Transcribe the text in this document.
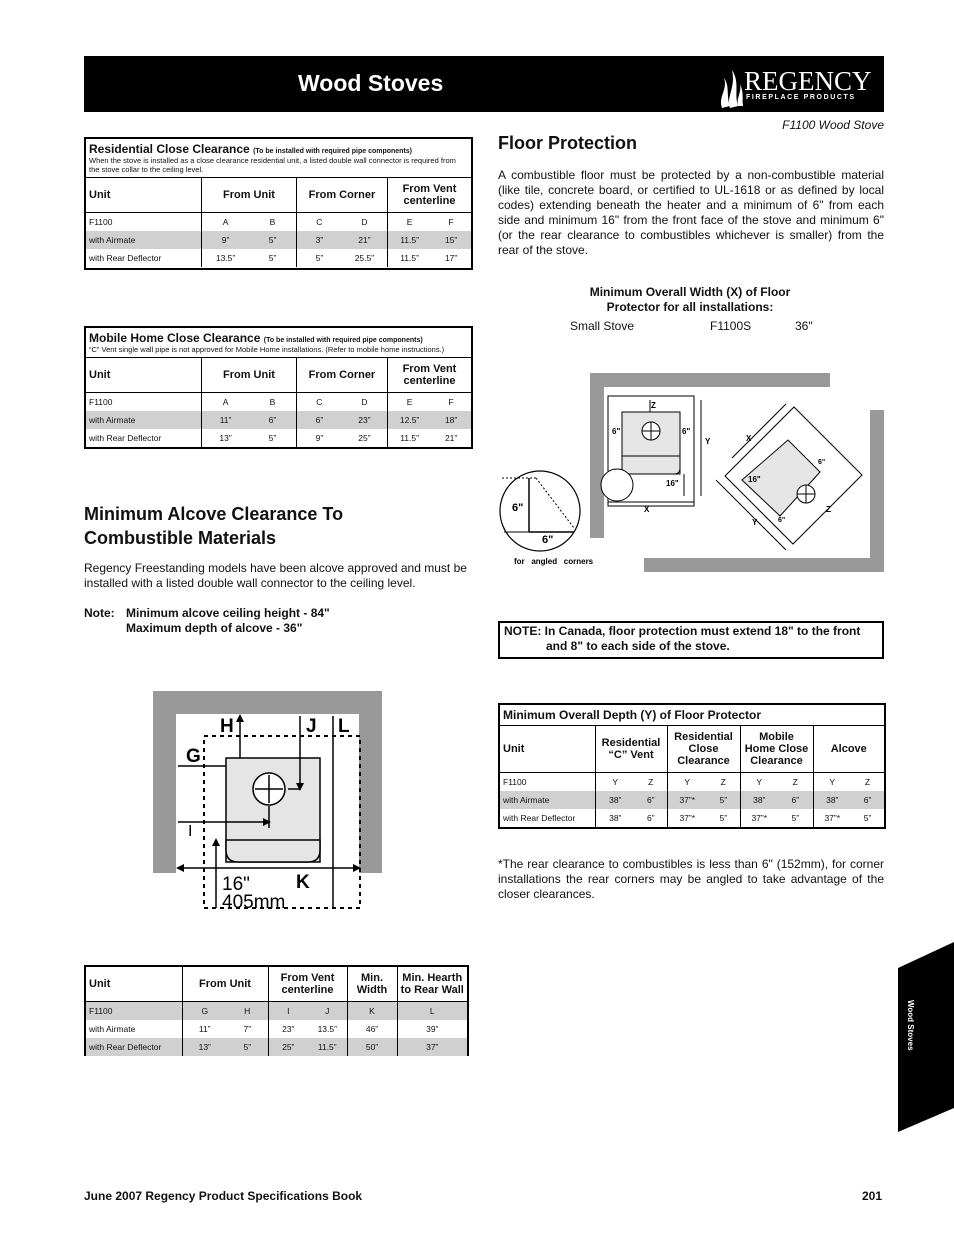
Wood Stoves	REGENCY
FIREPLACE PRODUCTS
F1100 Wood Stove
Residential Close Clearance (To be installed with required pipe components)
When the stove is installed as a close clearance residential unit, a listed double wall connector is required from the stove collar to the ceiling level.
Unit	From Unit		From Corner		From Vent centerline	
F1100	A	B	C	D	E	F
with Airmate	9”	5”	3”	21”	11.5”	15”
with Rear Deflector	13.5”	5”	5”	25.5”	11.5”	17”
Mobile Home Close Clearance (To be installed with required pipe components)
“C” Vent single wall pipe is not approved for Mobile Home installations. (Refer to mobile home instructions.)
Unit	From Unit		From Corner		From Vent centerline	
F1100	A	B	C	D	E	F
with Airmate	11”	6”	6”	23”	12.5”	18”
with Rear Deflector	13”	5”	9”	25”	11.5”	21”
Minimum Alcove Clearance To
Combustible Materials
Regency Freestanding models have been alcove approved and must be installed with a listed double wall connector to the ceiling level.
Note: Minimum alcove ceiling height - 84"
Maximum depth of alcove - 36"
H	J L
G
I
K
16"
405mm
Unit	From Unit		From Vent centerline		Min. Width	Min. Hearth to Rear Wall
F1100	G	H	I	J	K	L
with Airmate	11”	7”	23”	13.5”	46”	39”
with Rear Deflector	13”	5”	25”	11.5”	50”	37”
Floor Protection
A combustible floor must be protected by a non-combustible material (like tile, concrete board, or certified to UL-1618 or as defined by local codes) extending beneath the heater and a minimum of 6" from each side and minimum 16" from the front face of the stove and minimum 6" (or the rear clearance to combustibles whichever is smaller) from the rear of the stove.
Minimum Overall Width (X) of Floor
Protector for all installations:
Small Stove	F1100S	36"
Z
6"	6"
16"
Y
X
X
6"
16"
Z
6"
Y
6"
6"
for   angled   corners
NOTE: In Canada, floor protection must extend 18" to the front
and 8" to each side of the stove.
Minimum Overall Depth (Y) of Floor Protector
Unit	Residential “C” Vent		Residential Close Clearance		Mobile Home Close Clearance		Alcove	
F1100	Y	Z	Y	Z	Y	Z	Y	Z
with Airmate	38”	6”	37”*	5”	38”	6”	38”	6”
with Rear Deflector	38”	6”	37”*	5”	37”*	5”	37”*	5”
*The rear clearance to combustibles is less than 6" (152mm), for corner installations the rear corners may be angled to take advantage of the closer clearances.
Wood Stoves
June 2007 Regency Product Specifications Book	201
